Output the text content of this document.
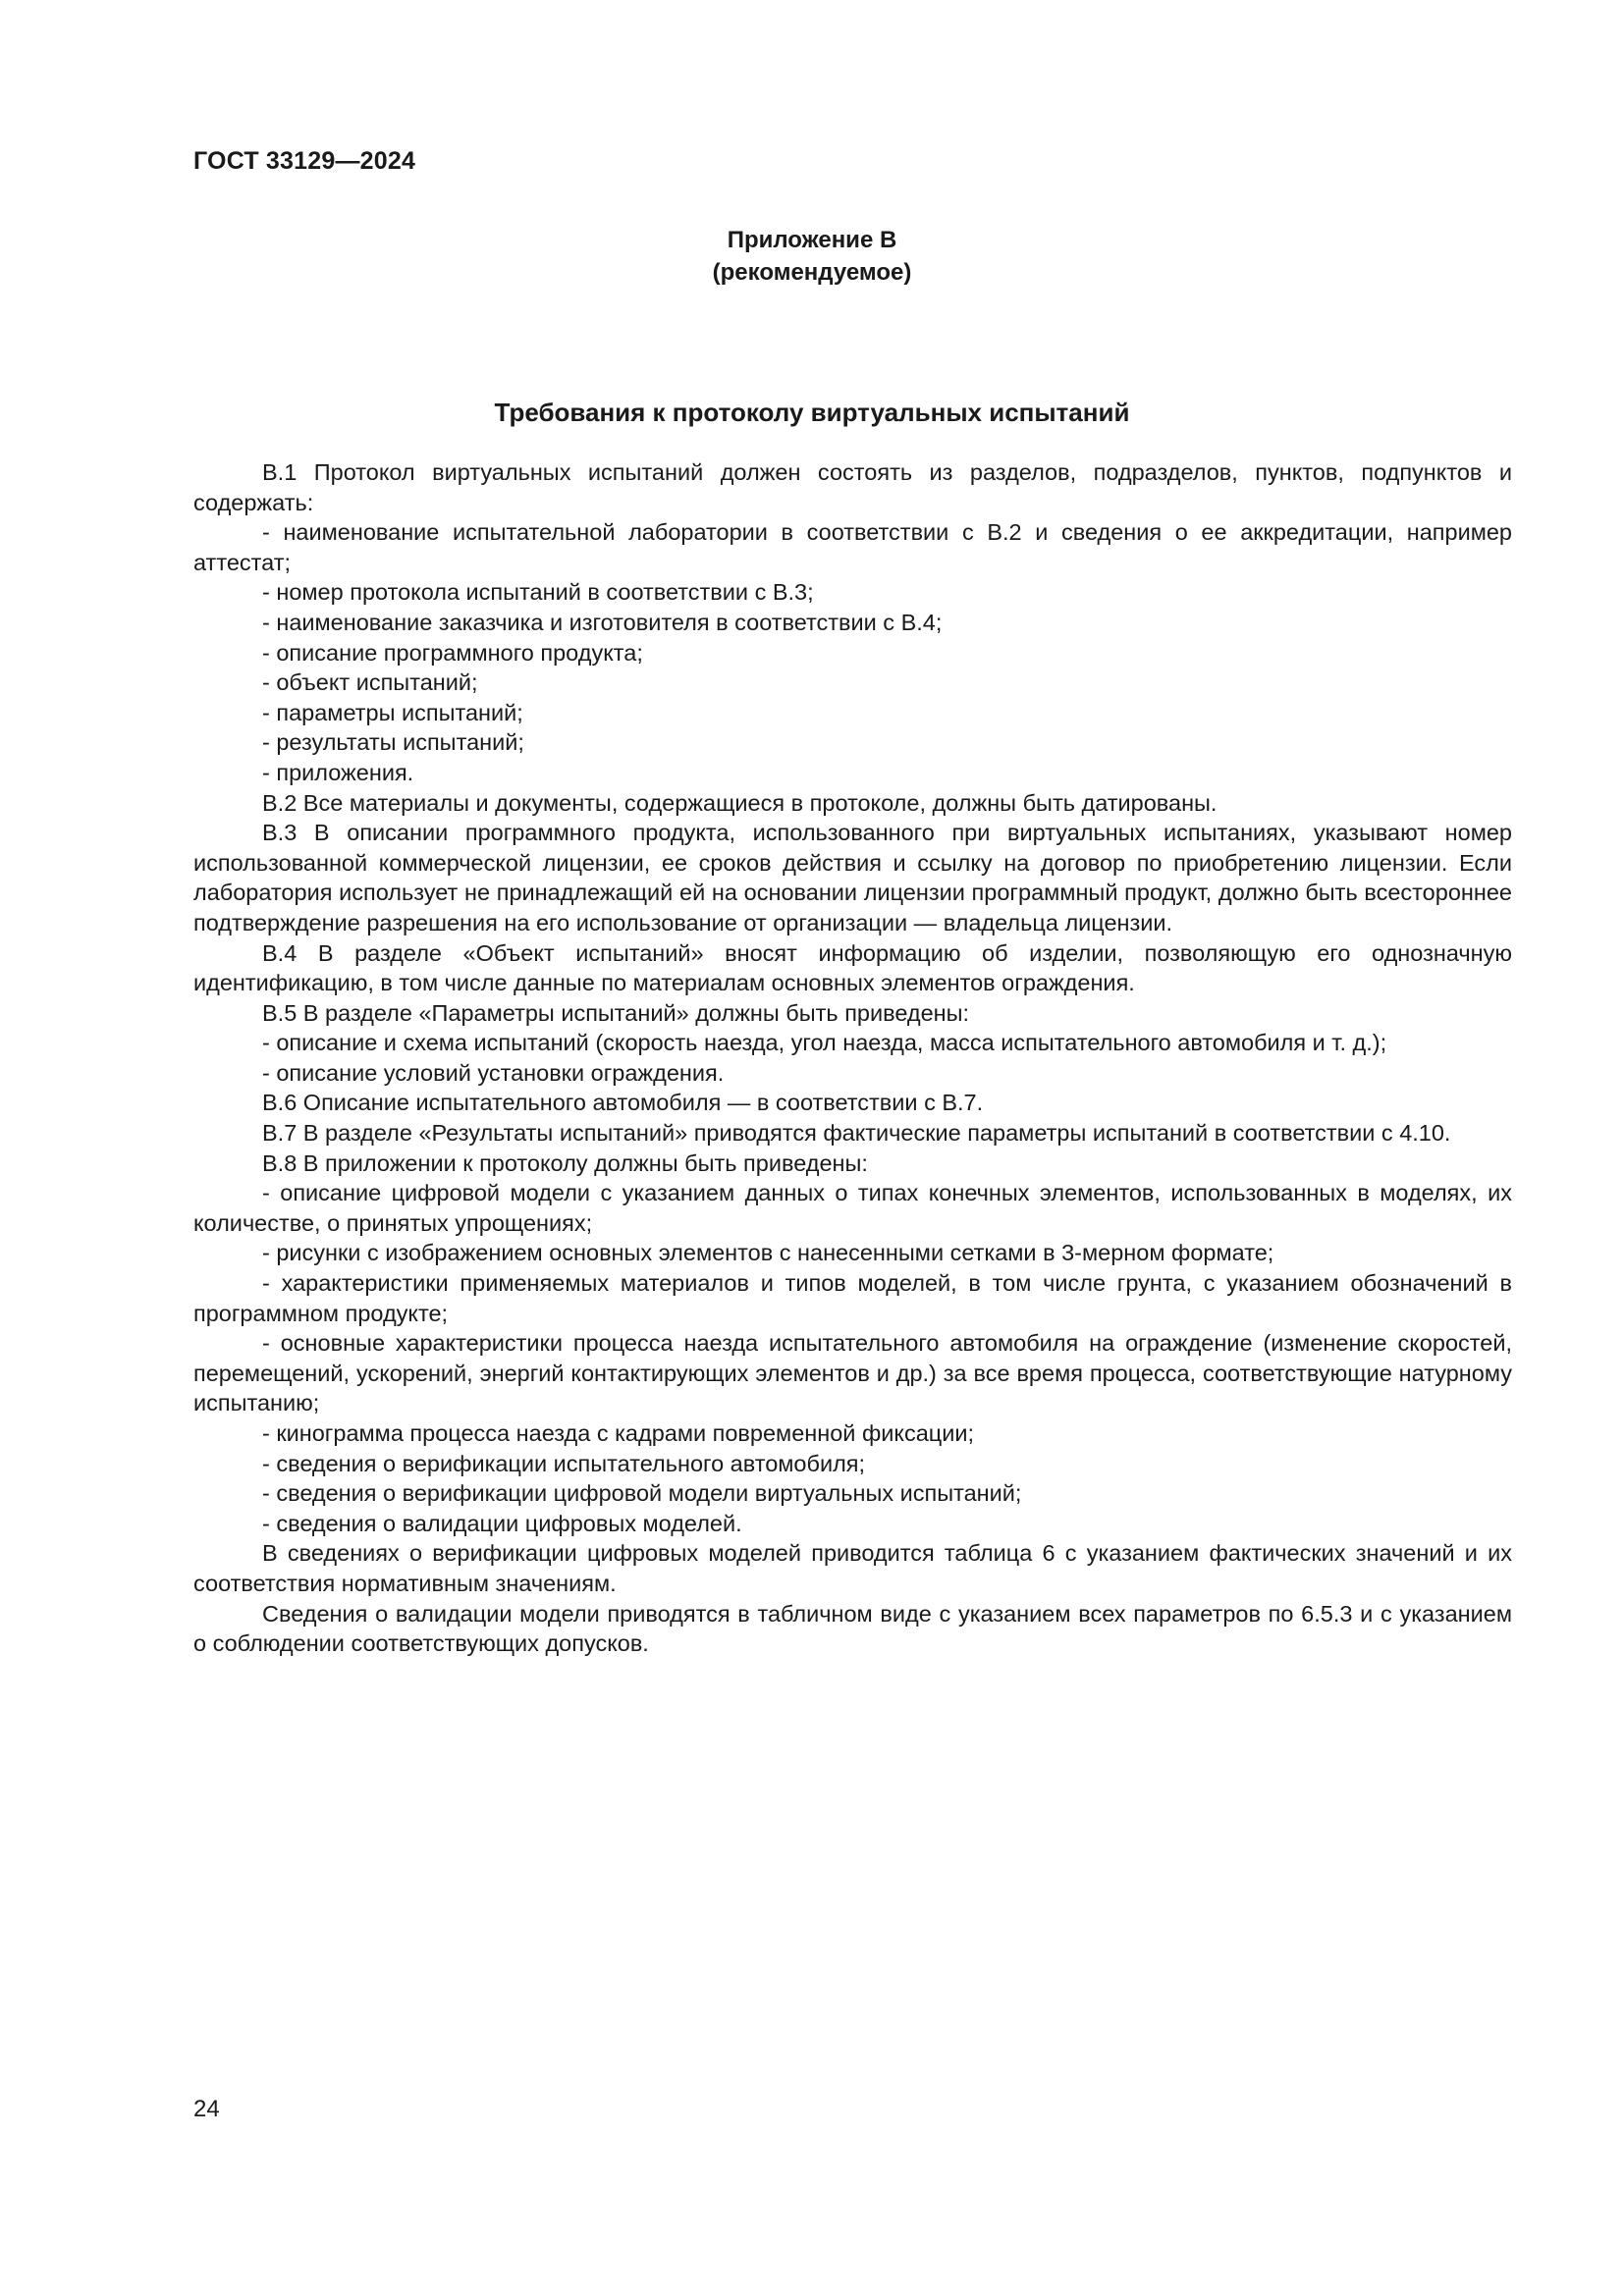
ГОСТ 33129—2024
Приложение В
(рекомендуемое)
Требования к протоколу виртуальных испытаний

В.1 Протокол виртуальных испытаний должен состоять из разделов, подразделов, пунктов, подпунктов и содержать:

- наименование испытательной лаборатории в соответствии с В.2 и сведения о ее аккредитации, например аттестат;

- номер протокола испытаний в соответствии с В.3;

- наименование заказчика и изготовителя в соответствии с В.4;

- описание программного продукта;

- объект испытаний;

- параметры испытаний;

- результаты испытаний;

- приложения.

В.2 Все материалы и документы, содержащиеся в протоколе, должны быть датированы.

В.3 В описании программного продукта, использованного при виртуальных испытаниях, указывают номер использованной коммерческой лицензии, ее сроков действия и ссылку на договор по приобретению лицензии. Если лаборатория использует не принадлежащий ей на основании лицензии программный продукт, должно быть всестороннее подтверждение разрешения на его использование от организации — владельца лицензии.

В.4 В разделе «Объект испытаний» вносят информацию об изделии, позволяющую его однозначную идентификацию, в том числе данные по материалам основных элементов ограждения.

В.5 В разделе «Параметры испытаний» должны быть приведены:

- описание и схема испытаний (скорость наезда, угол наезда, масса испытательного автомобиля и т. д.);

- описание условий установки ограждения.

В.6 Описание испытательного автомобиля — в соответствии с В.7.

В.7 В разделе «Результаты испытаний» приводятся фактические параметры испытаний в соответствии с 4.10.

В.8 В приложении к протоколу должны быть приведены:

- описание цифровой модели с указанием данных о типах конечных элементов, использованных в моделях, их количестве, о принятых упрощениях;

- рисунки с изображением основных элементов с нанесенными сетками в 3-мерном формате;

- характеристики применяемых материалов и типов моделей, в том числе грунта, с указанием обозначений в программном продукте;

- основные характеристики процесса наезда испытательного автомобиля на ограждение (изменение скоростей, перемещений, ускорений, энергий контактирующих элементов и др.) за все время процесса, соответствующие натурному испытанию;

- кинограмма процесса наезда с кадрами повременной фиксации;

- сведения о верификации испытательного автомобиля;

- сведения о верификации цифровой модели виртуальных испытаний;

- сведения о валидации цифровых моделей.

В сведениях о верификации цифровых моделей приводится таблица 6 с указанием фактических значений и их соответствия нормативным значениям.

Сведения о валидации модели приводятся в табличном виде с указанием всех параметров по 6.5.3 и с указанием о соблюдении соответствующих допусков.

24
